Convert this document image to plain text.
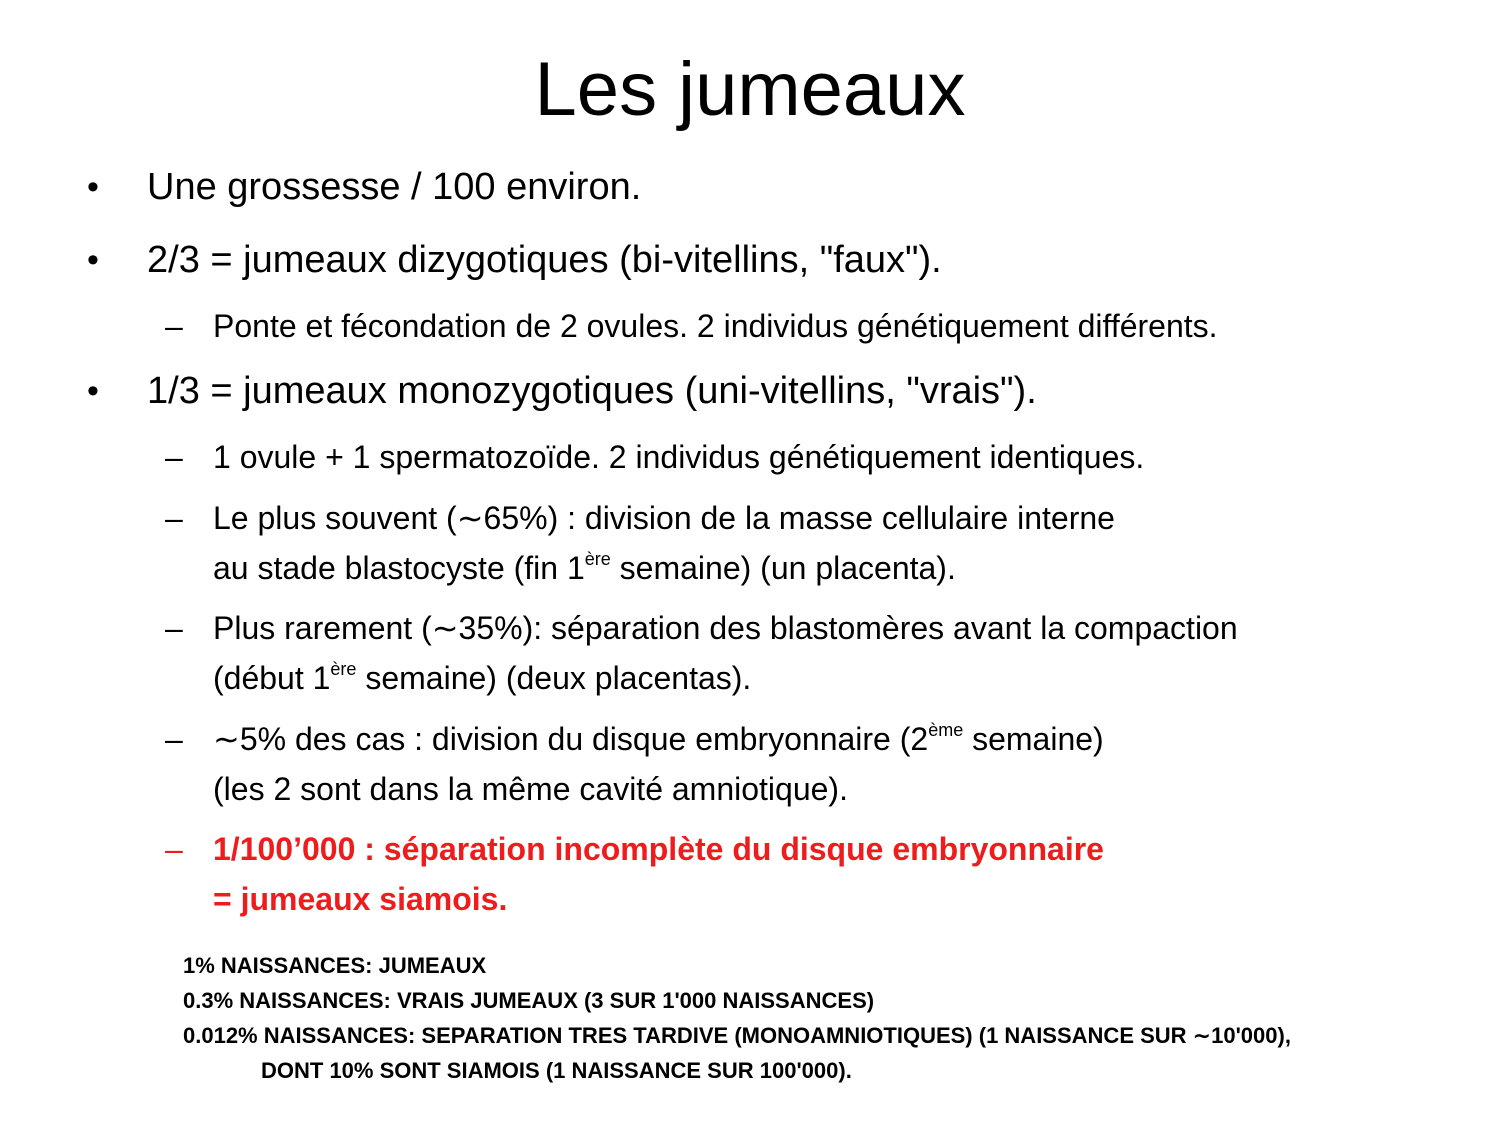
Les jumeaux
• Une grossesse / 100 environ.
• 2/3 = jumeaux dizygotiques (bi-vitellins, "faux").
– Ponte et fécondation de 2 ovules. 2 individus génétiquement différents.
• 1/3 = jumeaux monozygotiques (uni-vitellins, "vrais").
– 1 ovule + 1 spermatozoïde. 2 individus génétiquement identiques.
– Le plus souvent (∼65%) : division de la masse cellulaire interne
au stade blastocyste (fin 1ère semaine) (un placenta).
– Plus rarement (∼35%): séparation des blastomères avant la compaction
(début 1ère semaine) (deux placentas).
– ∼5% des cas : division du disque embryonnaire (2ème semaine)
(les 2 sont dans la même cavité amniotique).
– 1/100’000 : séparation incomplète du disque embryonnaire
= jumeaux siamois.
1% NAISSANCES: JUMEAUX
0.3% NAISSANCES: VRAIS JUMEAUX (3 SUR 1'000 NAISSANCES)
0.012% NAISSANCES: SEPARATION TRES TARDIVE (MONOAMNIOTIQUES) (1 NAISSANCE SUR ∼10'000),
DONT 10% SONT SIAMOIS (1 NAISSANCE SUR 100'000).
